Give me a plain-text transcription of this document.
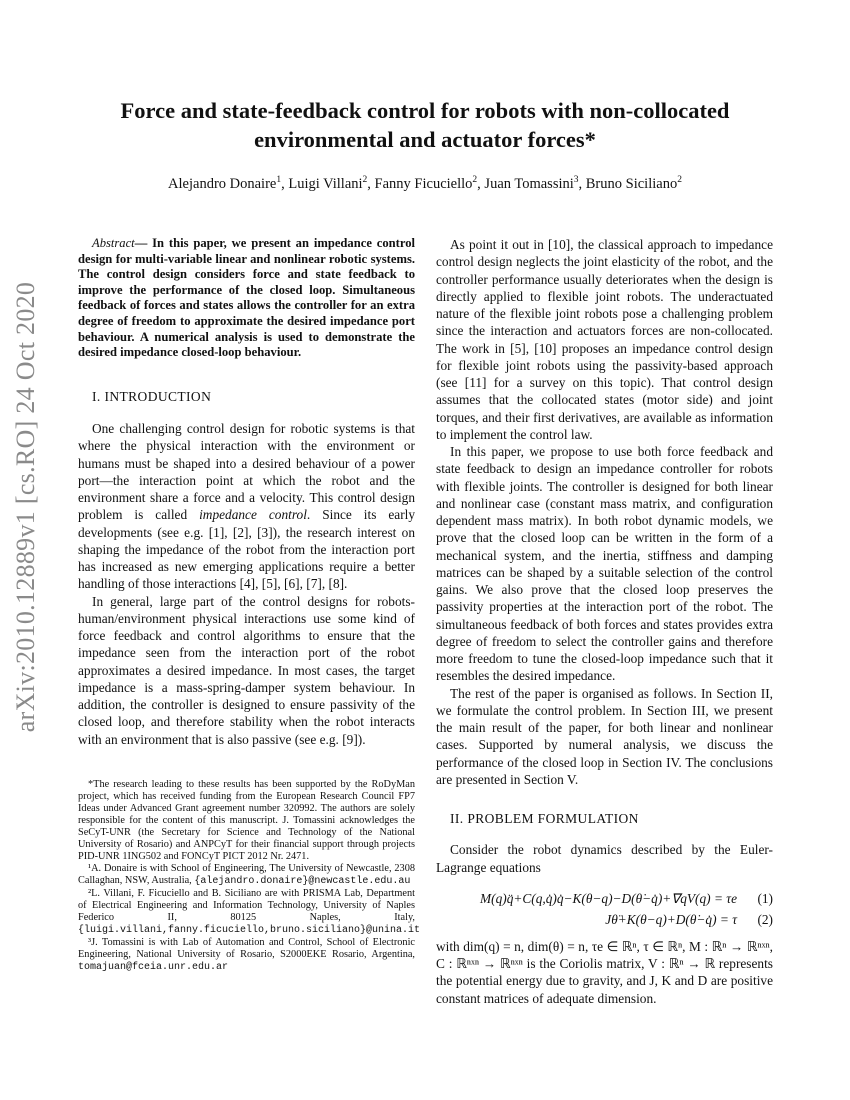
arXiv:2010.12889v1 [cs.RO] 24 Oct 2020
Force and state-feedback control for robots with non-collocated environmental and actuator forces*

Alejandro Donaire$^1$, Luigi Villani$^2$, Fanny Ficuciello$^2$, Juan Tomassini$^3$, Bruno Siciliano$^2$

Abstract— In this paper, we present an impedance control design for multi-variable linear and nonlinear robotic systems. The control design considers force and state feedback to improve the performance of the closed loop. Simultaneous feedback of forces and states allows the controller for an extra degree of freedom to approximate the desired impedance port behaviour. A numerical analysis is used to demonstrate the desired impedance closed-loop behaviour.

I. INTRODUCTION

One challenging control design for robotic systems is that where the physical interaction with the environment or humans must be shaped into a desired behaviour of a power port—the interaction point at which the robot and the environment share a force and a velocity. This control design problem is called impedance control. Since its early developments (see e.g. [1], [2], [3]), the research interest on shaping the impedance of the robot from the interaction port has increased as new emerging applications require a better handling of those interactions [4], [5], [6], [7], [8].

In general, large part of the control designs for robots-human/environment physical interactions use some kind of force feedback and control algorithms to ensure that the impedance seen from the interaction port of the robot approximates a desired impedance. In most cases, the target impedance is a mass-spring-damper system behaviour. In addition, the controller is designed to ensure passivity of the closed loop, and therefore stability when the robot interacts with an environment that is also passive (see e.g. [9]).

*The research leading to these results has been supported by the RoDyMan project, which has received funding from the European Research Council FP7 Ideas under Advanced Grant agreement number 320992. The authors are solely responsible for the content of this manuscript. J. Tomassini acknowledges the SeCyT-UNR (the Secretary for Science and Technology of the National University of Rosario) and ANPCyT for their financial support through projects PID-UNR 1ING502 and FONCyT PICT 2012 Nr. 2471.

¹A. Donaire is with School of Engineering, The University of Newcastle, 2308 Callaghan, NSW, Australia, {alejandro.donaire}@newcastle.edu.au

²L. Villani, F. Ficuciello and B. Siciliano are with PRISMA Lab, Department of Electrical Engineering and Information Technology, University of Naples Federico II, 80125 Naples, Italy, {luigi.villani,fanny.ficuciello,bruno.siciliano}@unina.it

³J. Tomassini is with Lab of Automation and Control, School of Electronic Engineering, National University of Rosario, S2000EKE Rosario, Argentina, tomajuan@fceia.unr.edu.ar

As point it out in [10], the classical approach to impedance control design neglects the joint elasticity of the robot, and the controller performance usually deteriorates when the design is directly applied to flexible joint robots. The underactuated nature of the flexible joint robots pose a challenging problem since the interaction and actuators forces are non-collocated. The work in [5], [10] proposes an impedance control design for flexible joint robots using the passivity-based approach (see [11] for a survey on this topic). That control design assumes that the collocated states (motor side) and joint torques, and their first derivatives, are available as information to implement the control law.

In this paper, we propose to use both force feedback and state feedback to design an impedance controller for robots with flexible joints. The controller is designed for both linear and nonlinear case (constant mass matrix, and configuration dependent mass matrix). In both robot dynamic models, we prove that the closed loop can be written in the form of a mechanical system, and the inertia, stiffness and damping matrices can be shaped by a suitable selection of the control gains. We also prove that the closed loop preserves the passivity properties at the interaction port of the robot. The simultaneous feedback of both forces and states provides extra degree of freedom to select the controller gains and therefore more freedom to tune the closed-loop impedance such that it resembles the desired impedance.

The rest of the paper is organised as follows. In Section II, we formulate the control problem. In Section III, we present the main result of the paper, for both linear and nonlinear cases. Supported by numeral analysis, we discuss the performance of the closed loop in Section IV. The conclusions are presented in Section V.

II. PROBLEM FORMULATION

Consider the robot dynamics described by the Euler-Lagrange equations

M(q)q̈+C(q,q̇)q̇−K(θ−q)−D(θ̇−q̇)+∇qV(q) = τe	(1)
Jθ̈+K(θ−q)+D(θ̇−q̇) = τ	(2)

with dim(q) = n, dim(θ) = n, τe ∈ ℝⁿ, τ ∈ ℝⁿ, M : ℝⁿ → ℝⁿˣⁿ, C : ℝⁿˣⁿ → ℝⁿˣⁿ is the Coriolis matrix, V : ℝⁿ → ℝ represents the potential energy due to gravity, and J, K and D are positive constant matrices of adequate dimension.
